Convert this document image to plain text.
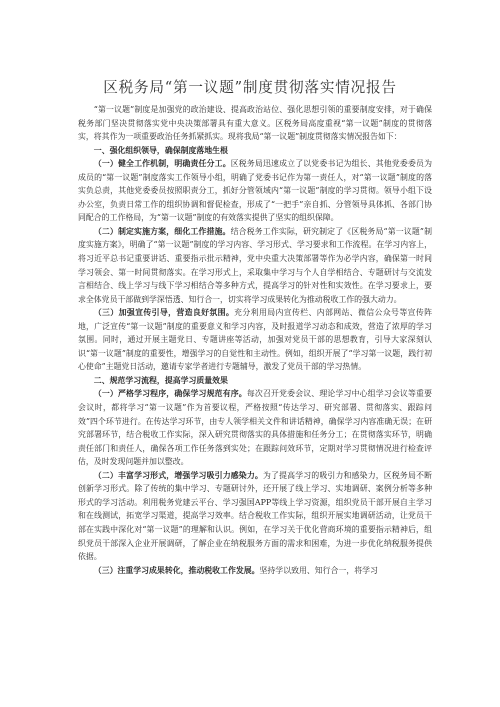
区税务局“第一议题”制度贯彻落实情况报告

“第一议题”制度是加强党的政治建设、提高政治站位、强化思想引领的重要制度安排，对于确保税务部门坚决贯彻落实党中央决策部署具有重大意义。区税务局高度重视“第一议题”制度的贯彻落实，将其作为一项重要政治任务抓紧抓实。现将我局“第一议题”制度贯彻落实情况报告如下：

一、强化组织领导，确保制度落地生根

（一）健全工作机制，明确责任分工。区税务局迅速成立了以党委书记为组长、其他党委委员为成员的“第一议题”制度落实工作领导小组，明确了党委书记作为第一责任人，对“第一议题”制度的落实负总责，其他党委委员按照职责分工，抓好分管领域内“第一议题”制度的学习贯彻。领导小组下设办公室，负责日常工作的组织协调和督促检查，形成了“一把手”亲自抓、分管领导具体抓、各部门协同配合的工作格局，为“第一议题”制度的有效落实提供了坚实的组织保障。

（二）制定实施方案，细化工作措施。结合税务工作实际，研究制定了《区税务局“第一议题”制度实施方案》，明确了“第一议题”制度的学习内容、学习形式、学习要求和工作流程。在学习内容上，将习近平总书记重要讲话、重要指示批示精神，党中央重大决策部署等作为必学内容，确保第一时间学习领会、第一时间贯彻落实。在学习形式上，采取集中学习与个人自学相结合、专题研讨与交流发言相结合、线上学习与线下学习相结合等多种方式，提高学习的针对性和实效性。在学习要求上，要求全体党员干部做到学深悟透、知行合一，切实将学习成果转化为推动税收工作的强大动力。

（三）加强宣传引导，营造良好氛围。充分利用局内宣传栏、内部网站、微信公众号等宣传阵地，广泛宣传“第一议题”制度的重要意义和学习内容，及时报道学习动态和成效，营造了浓厚的学习氛围。同时，通过开展主题党日、专题讲座等活动，加强对党员干部的思想教育，引导大家深刻认识“第一议题”制度的重要性，增强学习的自觉性和主动性。例如，组织开展了“学习第一议题，践行初心使命”主题党日活动，邀请专家学者进行专题辅导，激发了党员干部的学习热情。

二、规范学习流程，提高学习质量效果

（一）严格学习程序，确保学习规范有序。每次召开党委会议、理论学习中心组学习会议等重要会议时，都将学习“第一议题”作为首要议程，严格按照“传达学习、研究部署、贯彻落实、跟踪问效”四个环节进行。在传达学习环节，由专人领学相关文件和讲话精神，确保学习内容准确无误；在研究部署环节，结合税收工作实际，深入研究贯彻落实的具体措施和任务分工；在贯彻落实环节，明确责任部门和责任人，确保各项工作任务落到实处；在跟踪问效环节，定期对学习贯彻情况进行检查评估，及时发现问题并加以整改。

（二）丰富学习形式，增强学习吸引力感染力。为了提高学习的吸引力和感染力，区税务局不断创新学习形式。除了传统的集中学习、专题研讨外，还开展了线上学习、实地调研、案例分析等多种形式的学习活动。利用税务党建云平台、学习强国APP等线上学习资源，组织党员干部开展自主学习和在线测试，拓宽学习渠道，提高学习效率。结合税收工作实际，组织开展实地调研活动，让党员干部在实践中深化对“第一议题”的理解和认识。例如，在学习关于优化营商环境的重要指示精神后，组织党员干部深入企业开展调研，了解企业在纳税服务方面的需求和困难，为进一步优化纳税服务提供依据。

（三）注重学习成果转化，推动税收工作发展。坚持学以致用、知行合一，将学习
